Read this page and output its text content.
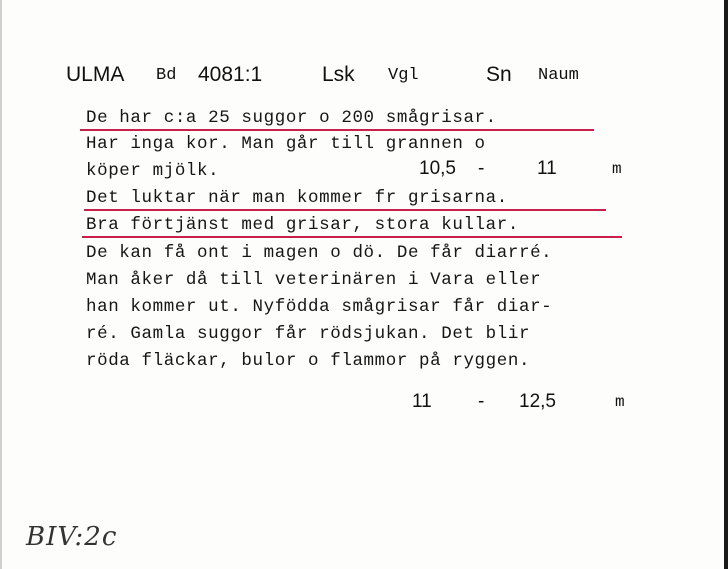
ULMA Bd 4081:1	Lsk Vgl	Sn Naum
De har c:a 25 suggor o 200 smågrisar.
Har inga kor. Man går till grannen o
köper mjölk.	10,5 -	11	m
Det luktar när man kommer fr grisarna.
Bra förtjänst med grisar, stora kullar.
De kan få ont i magen o dö. De får diarré.
Man åker då till veterinären i Vara eller
han kommer ut. Nyfödda smågrisar får diar-
ré. Gamla suggor får rödsjukan. Det blir
röda fläckar, bulor o flammor på ryggen.
11 - 12,5	m
BIV:2c
